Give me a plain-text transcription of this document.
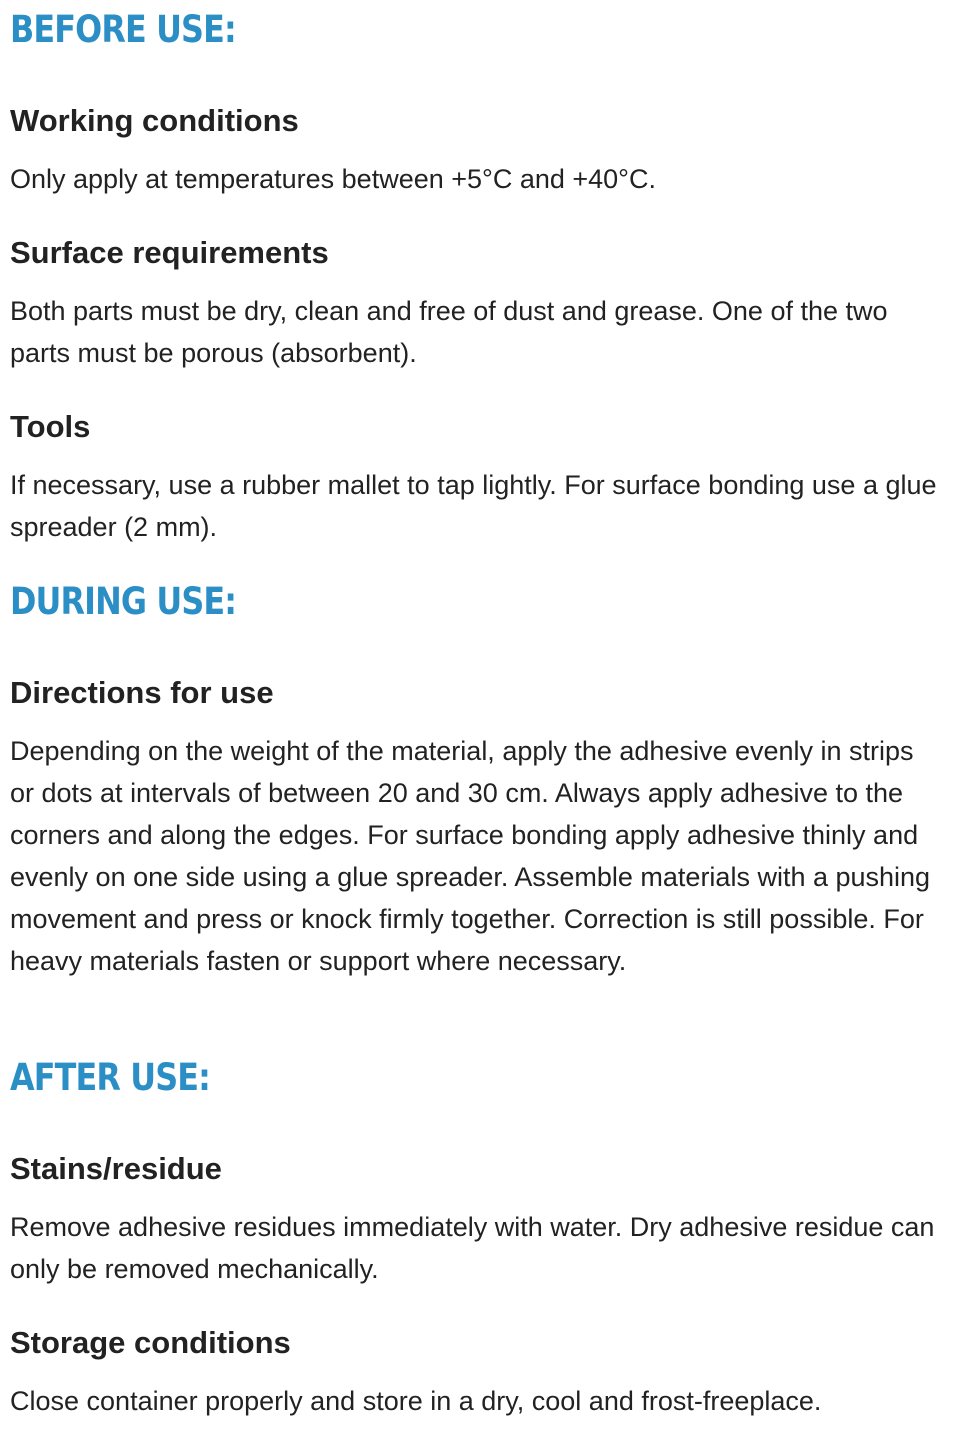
BEFORE USE:
Working conditions

Only apply at temperatures between +5°C and +40°C.

Surface requirements

Both parts must be dry, clean and free of dust and grease. One of the two parts must be porous (absorbent).

Tools

If necessary, use a rubber mallet to tap lightly. For surface bonding use a glue spreader (2 mm).

DURING USE:
Directions for use

Depending on the weight of the material, apply the adhesive evenly in strips or dots at intervals of between 20 and 30 cm. Always apply adhesive to the corners and along the edges. For surface bonding apply adhesive thinly and evenly on one side using a glue spreader. Assemble materials with a pushing movement and press or knock firmly together. Correction is still possible. For heavy materials fasten or support where necessary.

AFTER USE:
Stains/residue

Remove adhesive residues immediately with water. Dry adhesive residue can only be removed mechanically.

Storage conditions

Close container properly and store in a dry, cool and frost-freeplace.
